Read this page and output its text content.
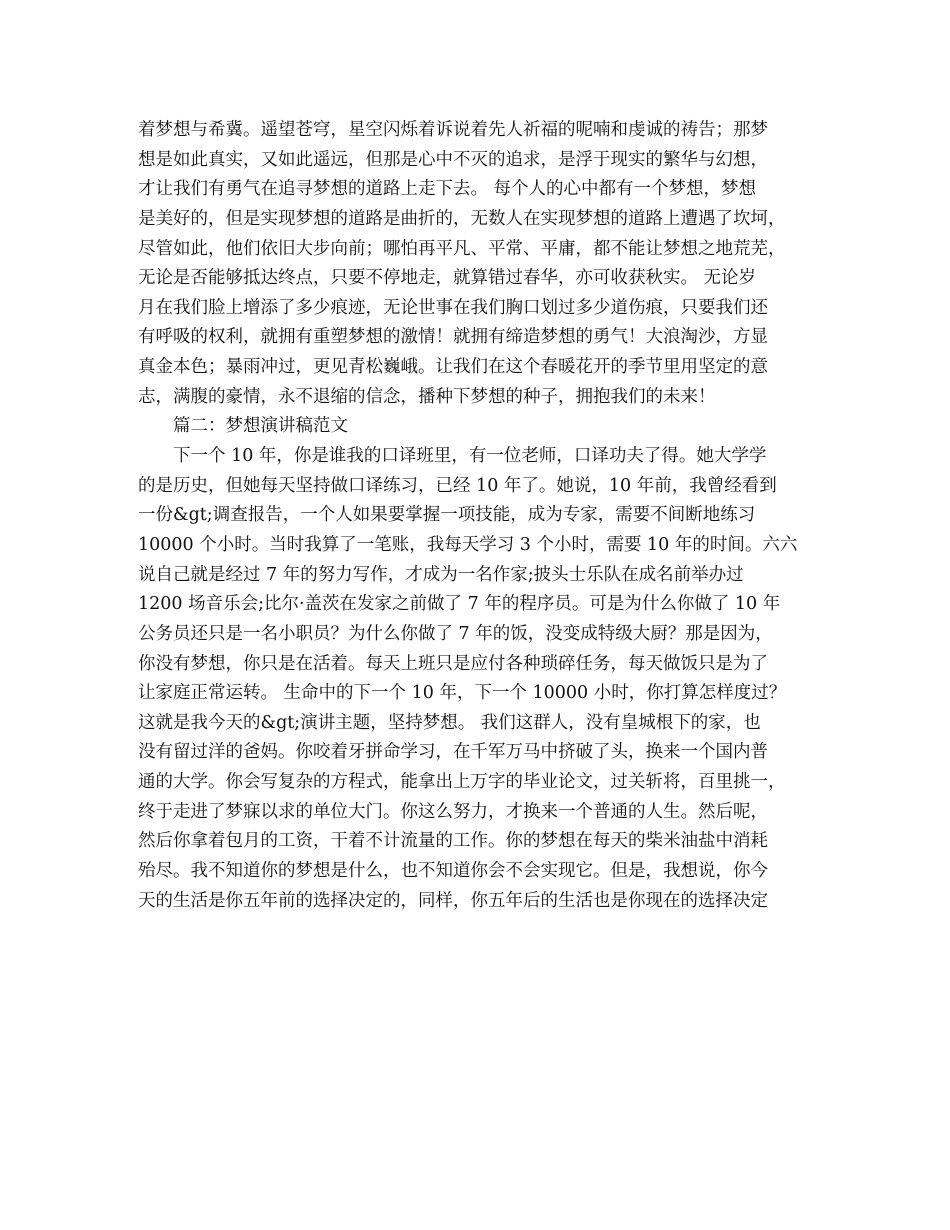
着梦想与希冀。遥望苍穹，星空闪烁着诉说着先人祈福的呢喃和虔诚的祷告；那梦
想是如此真实，又如此遥远，但那是心中不灭的追求，是浮于现实的繁华与幻想，
才让我们有勇气在追寻梦想的道路上走下去。 每个人的心中都有一个梦想，梦想
是美好的，但是实现梦想的道路是曲折的，无数人在实现梦想的道路上遭遇了坎坷，
尽管如此，他们依旧大步向前；哪怕再平凡、平常、平庸，都不能让梦想之地荒芜，
无论是否能够抵达终点，只要不停地走，就算错过春华，亦可收获秋实。 无论岁
月在我们脸上增添了多少痕迹，无论世事在我们胸口划过多少道伤痕，只要我们还
有呼吸的权利，就拥有重塑梦想的激情！就拥有缔造梦想的勇气！大浪淘沙，方显
真金本色；暴雨冲过，更见青松巍峨。让我们在这个春暖花开的季节里用坚定的意
志，满腹的豪情，永不退缩的信念，播种下梦想的种子，拥抱我们的未来！
篇二：梦想演讲稿范文
下一个 10 年，你是谁我的口译班里，有一位老师，口译功夫了得。她大学学
的是历史，但她每天坚持做口译练习，已经 10 年了。她说，10 年前，我曾经看到
一份&gt;调查报告，一个人如果要掌握一项技能，成为专家，需要不间断地练习
10000 个小时。当时我算了一笔账，我每天学习 3 个小时，需要 10 年的时间。六六
说自己就是经过 7 年的努力写作，才成为一名作家;披头士乐队在成名前举办过
1200 场音乐会;比尔·盖茨在发家之前做了 7 年的程序员。可是为什么你做了 10 年
公务员还只是一名小职员？为什么你做了 7 年的饭，没变成特级大厨？那是因为，
你没有梦想，你只是在活着。每天上班只是应付各种琐碎任务，每天做饭只是为了
让家庭正常运转。 生命中的下一个 10 年，下一个 10000 小时，你打算怎样度过？
这就是我今天的&gt;演讲主题，坚持梦想。 我们这群人，没有皇城根下的家，也
没有留过洋的爸妈。你咬着牙拼命学习，在千军万马中挤破了头，换来一个国内普
通的大学。你会写复杂的方程式，能拿出上万字的毕业论文，过关斩将，百里挑一，
终于走进了梦寐以求的单位大门。你这么努力，才换来一个普通的人生。然后呢，
然后你拿着包月的工资，干着不计流量的工作。你的梦想在每天的柴米油盐中消耗
殆尽。我不知道你的梦想是什么，也不知道你会不会实现它。但是，我想说，你今
天的生活是你五年前的选择决定的，同样，你五年后的生活也是你现在的选择决定
